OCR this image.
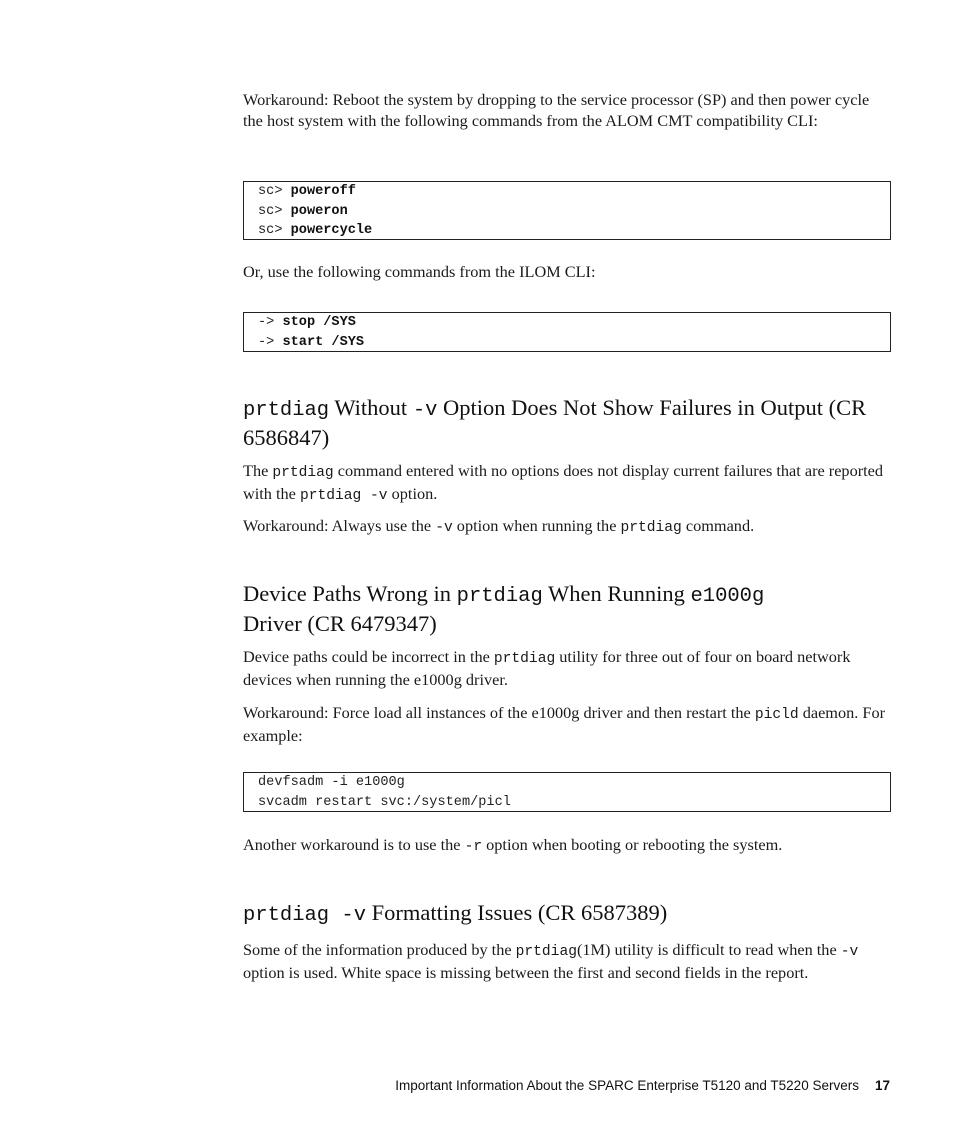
Workaround: Reboot the system by dropping to the service processor (SP) and then power cycle the host system with the following commands from the ALOM CMT compatibility CLI:

sc> poweroff
sc> poweron
sc> powercycle

Or, use the following commands from the ILOM CLI:

-> stop /SYS
-> start /SYS
prtdiag Without -v Option Does Not Show Failures in Output (CR 6586847)

The prtdiag command entered with no options does not display current failures that are reported with the prtdiag -v option.

Workaround: Always use the -v option when running the prtdiag command.

Device Paths Wrong in prtdiag When Running e1000g
Driver (CR 6479347)

Device paths could be incorrect in the prtdiag utility for three out of four on board network devices when running the e1000g driver.

Workaround: Force load all instances of the e1000g driver and then restart the picld daemon. For example:

devfsadm -i e1000g
svcadm restart svc:/system/picl

Another workaround is to use the -r option when booting or rebooting the system.

prtdiag -v Formatting Issues (CR 6587389)

Some of the information produced by the prtdiag(1M) utility is difficult to read when the -v option is used. White space is missing between the first and second fields in the report.

Important Information About the SPARC Enterprise T5120 and T5220 Servers 17
